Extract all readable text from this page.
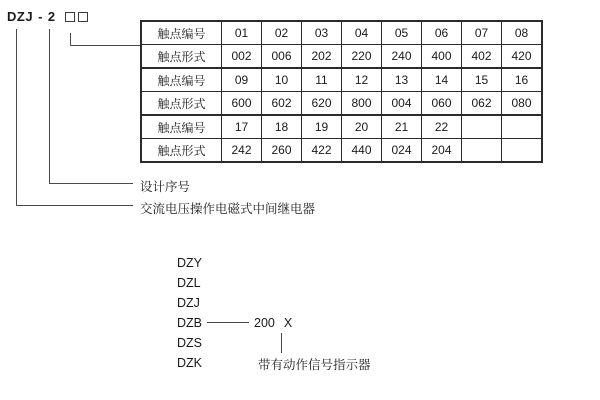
DZJ - 2
触点编号	01	02	03	04	05	06	07	08
触点形式	002	006	202	220	240	400	402	420
触点编号	09	10	11	12	13	14	15	16
触点形式	600	602	620	800	004	060	062	080
触点编号	17	18	19	20	21	22		
触点形式	242	260	422	440	024	204		
设计序号
交流电压操作电磁式中间继电器
DZY
DZL
DZJ
DZB	200 X
DZS
DZK	带有动作信号指示器
